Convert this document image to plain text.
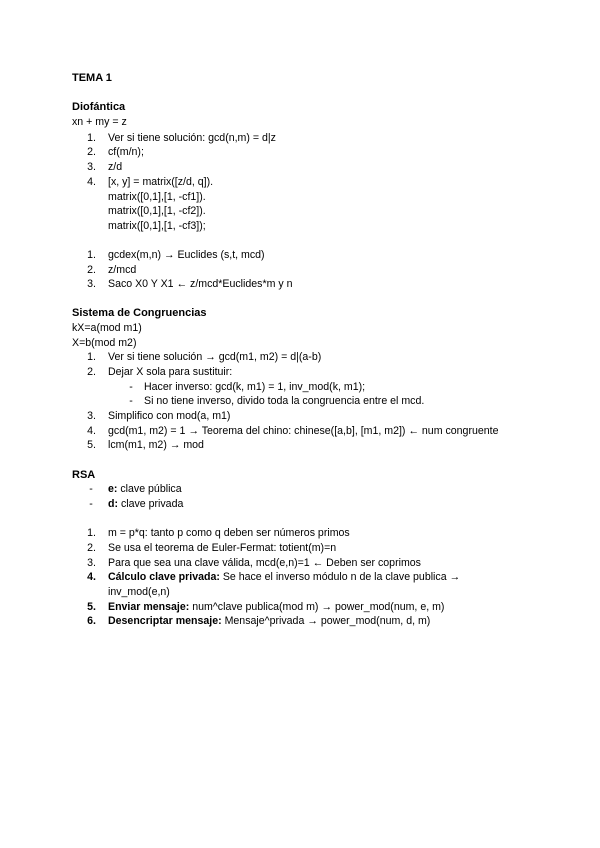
TEMA 1
Diofántica
xn + my = z
1. Ver si tiene solución: gcd(n,m) = d|z
2. cf(m/n);
3. z/d
4. [x, y] = matrix([z/d, q]).
matrix([0,1],[1, -cf1]).
matrix([0,1],[1, -cf2]).
matrix([0,1],[1, -cf3]);
1. gcdex(m,n) → Euclides (s,t, mcd)
2. z/mcd
3. Saco X0 Y X1 ← z/mcd*Euclides*m y n
Sistema de Congruencias
kX=a(mod m1)
X=b(mod m2)
1. Ver si tiene solución → gcd(m1, m2) = d|(a-b)
2. Dejar X sola para sustituir:
-	Hacer inverso: gcd(k, m1) = 1, inv_mod(k, m1);
-	Si no tiene inverso, divido toda la congruencia entre el mcd.
3. Simplifico con mod(a, m1)
4. gcd(m1, m2) = 1 → Teorema del chino: chinese([a,b], [m1, m2]) ← num congruente
5. lcm(m1, m2) → mod
RSA
-	e: clave pública
-	d: clave privada
1. m = p*q: tanto p como q deben ser números primos
2. Se usa el teorema de Euler-Fermat: totient(m)=n
3. Para que sea una clave válida, mcd(e,n)=1 ← Deben ser coprimos
4. Cálculo clave privada: Se hace el inverso módulo n de la clave publica →
inv_mod(e,n)
5. Enviar mensaje: num^clave publica(mod m) → power_mod(num, e, m)
6. Desencriptar mensaje: Mensaje^privada → power_mod(num, d, m)
